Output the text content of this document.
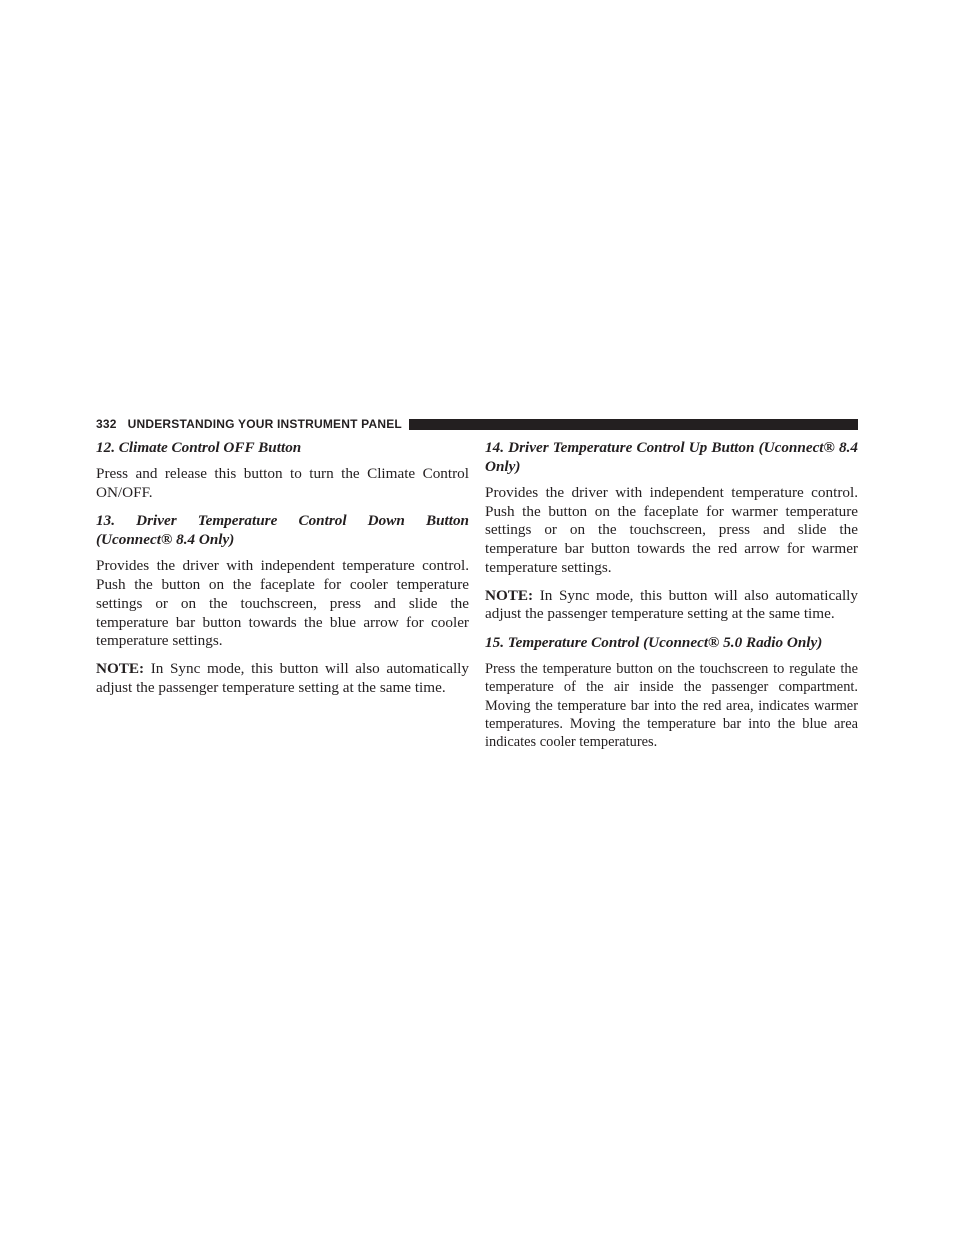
332 UNDERSTANDING YOUR INSTRUMENT PANEL
12. Climate Control OFF Button

Press and release this button to turn the Climate Control ON/OFF.

13. Driver Temperature Control Down Button
(Uconnect® 8.4 Only)

Provides the driver with independent temperature control. Push the button on the faceplate for cooler temperature settings or on the touchscreen, press and slide the temperature bar button towards the blue arrow for cooler temperature settings.

NOTE: In Sync mode, this button will also automatically adjust the passenger temperature setting at the same time.

14. Driver Temperature Control Up Button (Uconnect® 8.4 Only)

Provides the driver with independent temperature control. Push the button on the faceplate for warmer temperature settings or on the touchscreen, press and slide the temperature bar button towards the red arrow for warmer temperature settings.

NOTE: In Sync mode, this button will also automatically adjust the passenger temperature setting at the same time.

15. Temperature Control (Uconnect® 5.0 Radio Only)

Press the temperature button on the touchscreen to regulate the temperature of the air inside the passenger compartment. Moving the temperature bar into the red area, indicates warmer temperatures. Moving the temperature bar into the blue area indicates cooler temperatures.
